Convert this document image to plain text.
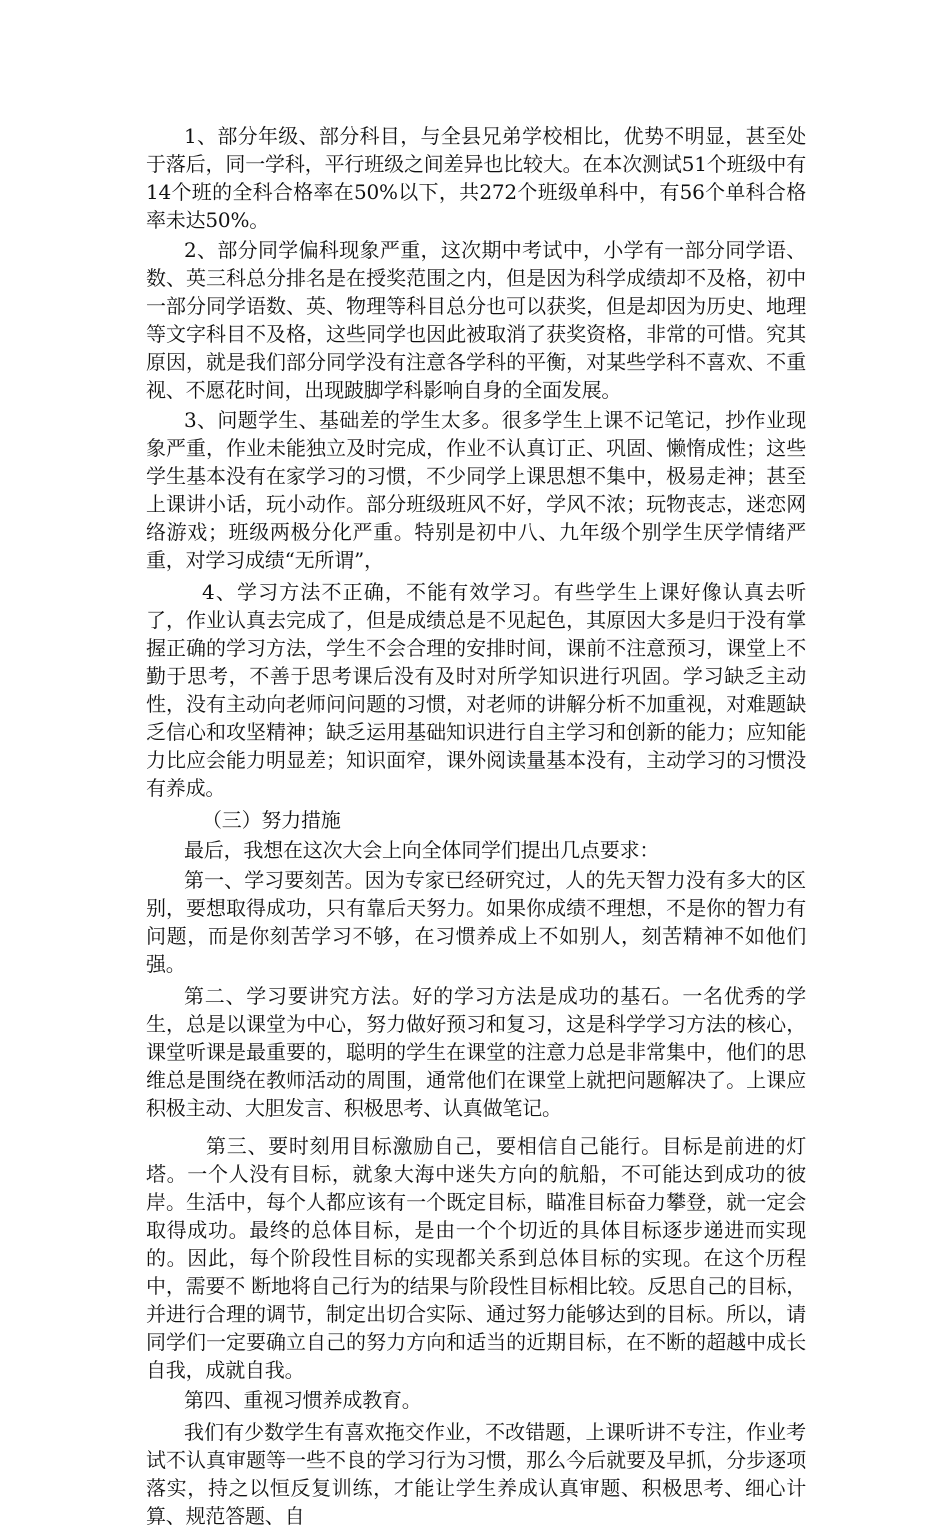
1、部分年级、部分科目，与全县兄弟学校相比，优势不明显，甚至处于落后，同一学科，平行班级之间差异也比较大。在本次测试51个班级中有14个班的全科合格率在50%以下，共272个班级单科中，有56个单科合格率未达50%。

2、部分同学偏科现象严重，这次期中考试中，小学有一部分同学语、数、英三科总分排名是在授奖范围之内，但是因为科学成绩却不及格，初中一部分同学语数、英、物理等科目总分也可以获奖，但是却因为历史、地理等文字科目不及格，这些同学也因此被取消了获奖资格，非常的可惜。究其原因，就是我们部分同学没有注意各学科的平衡，对某些学科不喜欢、不重视、不愿花时间，出现跛脚学科影响自身的全面发展。

3、问题学生、基础差的学生太多。很多学生上课不记笔记，抄作业现象严重，作业未能独立及时完成，作业不认真订正、巩固、懒惰成性；这些学生基本没有在家学习的习惯，不少同学上课思想不集中，极易走神；甚至上课讲小话，玩小动作。部分班级班风不好，学风不浓；玩物丧志，迷恋网络游戏；班级两极分化严重。特别是初中八、九年级个别学生厌学情绪严重，对学习成绩“无所谓”，

4、学习方法不正确，不能有效学习。有些学生上课好像认真去听了，作业认真去完成了，但是成绩总是不见起色，其原因大多是归于没有掌握正确的学习方法，学生不会合理的安排时间，课前不注意预习，课堂上不勤于思考，不善于思考课后没有及时对所学知识进行巩固。学习缺乏主动性，没有主动向老师问问题的习惯，对老师的讲解分析不加重视，对难题缺乏信心和攻坚精神；缺乏运用基础知识进行自主学习和创新的能力；应知能力比应会能力明显差；知识面窄，课外阅读量基本没有，主动学习的习惯没有养成。

（三）努力措施

最后，我想在这次大会上向全体同学们提出几点要求：

第一、学习要刻苦。因为专家已经研究过，人的先天智力没有多大的区别，要想取得成功，只有靠后天努力。如果你成绩不理想，不是你的智力有问题，而是你刻苦学习不够，在习惯养成上不如别人，刻苦精神不如他们强。

第二、学习要讲究方法。好的学习方法是成功的基石。一名优秀的学生，总是以课堂为中心，努力做好预习和复习，这是科学学习方法的核心，课堂听课是最重要的，聪明的学生在课堂的注意力总是非常集中，他们的思维总是围绕在教师活动的周围，通常他们在课堂上就把问题解决了。上课应积极主动、大胆发言、积极思考、认真做笔记。

第三、要时刻用目标激励自己，要相信自己能行。目标是前进的灯塔。一个人没有目标，就象大海中迷失方向的航船，不可能达到成功的彼岸。生活中，每个人都应该有一个既定目标，瞄准目标奋力攀登，就一定会取得成功。最终的总体目标，是由一个个切近的具体目标逐步递进而实现的。因此，每个阶段性目标的实现都关系到总体目标的实现。在这个历程中，需要不 断地将自己行为的结果与阶段性目标相比较。反思自己的目标，并进行合理的调节，制定出切合实际、通过努力能够达到的目标。所以，请同学们一定要确立自己的努力方向和适当的近期目标，在不断的超越中成长自我，成就自我。

第四、重视习惯养成教育。

我们有少数学生有喜欢拖交作业，不改错题，上课听讲不专注，作业考试不认真审题等一些不良的学习行为习惯，那么今后就要及早抓，分步逐项落实，持之以恒反复训练，才能让学生养成认真审题、积极思考、细心计算、规范答题、自
